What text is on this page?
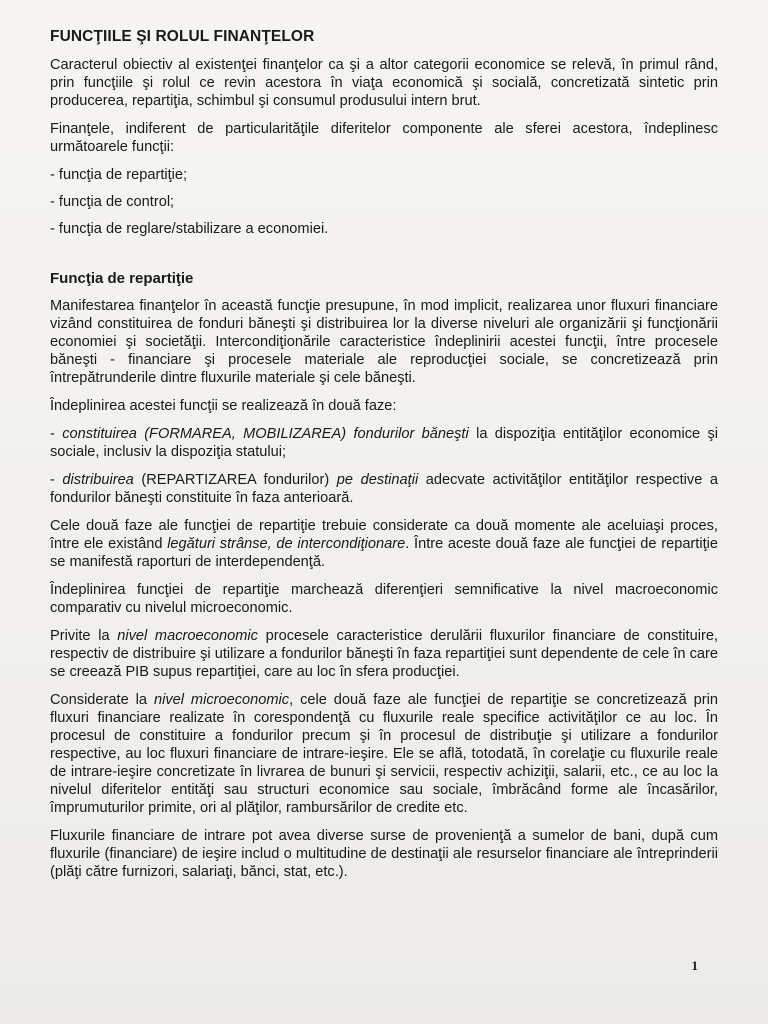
FUNCŢIILE ŞI ROLUL FINANŢELOR

Caracterul obiectiv al existenţei finanţelor ca şi a altor categorii economice se relevă, în primul rând, prin funcţiile şi rolul ce revin acestora în viaţa economică şi socială, concretizată sintetic prin producerea, repartiţia, schimbul şi consumul produsului intern brut.

Finanţele, indiferent de particularităţile diferitelor componente ale sferei acestora, îndeplinesc următoarele funcţii:

- funcţia de repartiţie;
- funcţia de control;
- funcţia de reglare/stabilizare a economiei.
Funcţia de repartiţie

Manifestarea finanţelor în această funcţie presupune, în mod implicit, realizarea unor fluxuri financiare vizând constituirea de fonduri băneşti şi distribuirea lor la diverse niveluri ale organizării şi funcţionării economiei şi societăţii. Intercondiţionările caracteristice îndeplinirii acestei funcţii, între procesele băneşti - financiare şi procesele materiale ale reproducţiei sociale, se concretizează prin întrepătrunderile dintre fluxurile materiale şi cele băneşti.

Îndeplinirea acestei funcţii se realizează în două faze:

- constituirea (FORMAREA, MOBILIZAREA) fondurilor băneşti la dispoziţia entităţilor economice şi sociale, inclusiv la dispoziţia statului;

- distribuirea (REPARTIZAREA fondurilor) pe destinaţii adecvate activităţilor entităţilor respective a fondurilor băneşti constituite în faza anterioară.

Cele două faze ale funcţiei de repartiţie trebuie considerate ca două momente ale aceluiaşi proces, între ele existând legături strânse, de intercondiţionare. Între aceste două faze ale funcţiei de repartiţie se manifestă raporturi de interdependenţă.

Îndeplinirea funcţiei de repartiţie marchează diferenţieri semnificative la nivel macroeconomic comparativ cu nivelul microeconomic.

Privite la nivel macroeconomic procesele caracteristice derulării fluxurilor financiare de constituire, respectiv de distribuire şi utilizare a fondurilor băneşti în faza repartiţiei sunt dependente de cele în care se creează PIB supus repartiţiei, care au loc în sfera producţiei.

Considerate la nivel microeconomic, cele două faze ale funcţiei de repartiţie se concretizează prin fluxuri financiare realizate în corespondenţă cu fluxurile reale specifice activităţilor ce au loc. În procesul de constituire a fondurilor precum şi în procesul de distribuţie şi utilizare a fondurilor respective, au loc fluxuri financiare de intrare-ieşire. Ele se află, totodată, în corelaţie cu fluxurile reale de intrare-ieşire concretizate în livrarea de bunuri şi servicii, respectiv achiziţii, salarii, etc., ce au loc la nivelul diferitelor entităţi sau structuri economice sau sociale, îmbrăcând forme ale încasărilor, împrumuturilor primite, ori al plăţilor, rambursărilor de credite etc.

Fluxurile financiare de intrare pot avea diverse surse de provenienţă a sumelor de bani, după cum fluxurile (financiare) de ieşire includ o multitudine de destinaţii ale resurselor financiare ale întreprinderii (plăţi către furnizori, salariaţi, bănci, stat, etc.).

1
